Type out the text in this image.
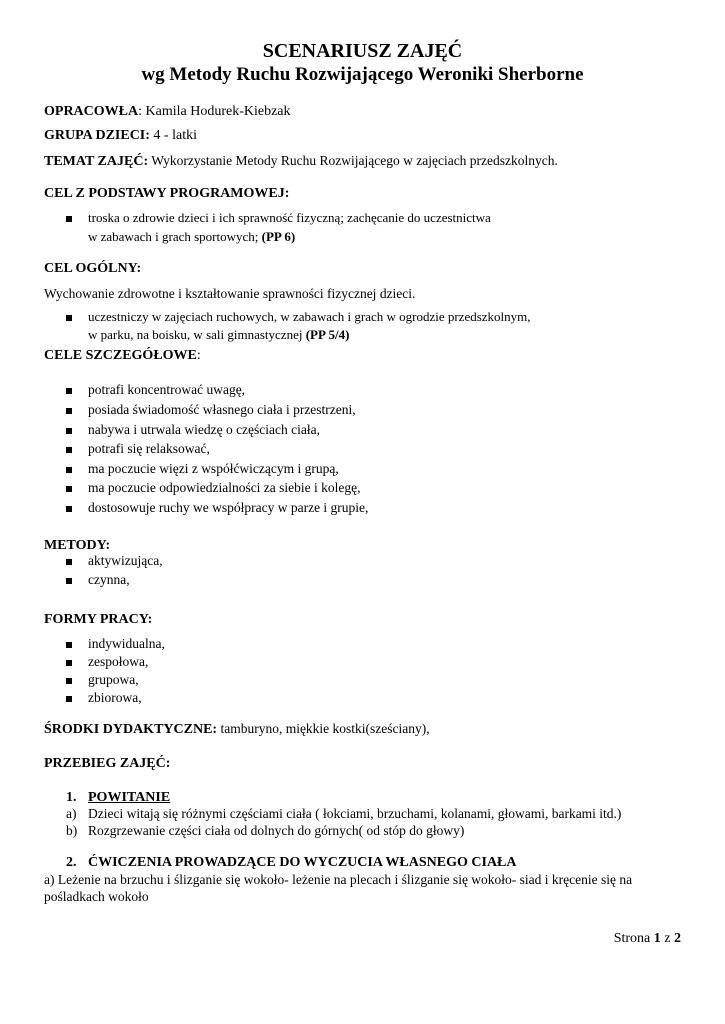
SCENARIUSZ ZAJĘĆ
wg Metody Ruchu Rozwijającego Weroniki Sherborne
OPRACOWŁA: Kamila Hodurek-Kiebzak
GRUPA DZIECI: 4 - latki
TEMAT ZAJĘĆ: Wykorzystanie Metody Ruchu Rozwijającego w zajęciach przedszkolnych.
CEL Z PODSTAWY PROGRAMOWEJ:
troska o zdrowie dzieci i ich sprawność fizyczną; zachęcanie do uczestnictwa
w zabawach i grach sportowych; (PP 6)
CEL OGÓLNY:
Wychowanie zdrowotne i kształtowanie sprawności fizycznej dzieci.
uczestniczy w zajęciach ruchowych, w zabawach i grach w ogrodzie przedszkolnym,
w parku, na boisku, w sali gimnastycznej (PP 5/4)
CELE SZCZEGÓŁOWE:
potrafi koncentrować uwagę,
posiada świadomość własnego ciała i przestrzeni,
nabywa i utrwala wiedzę o częściach ciała,
potrafi się relaksować,
ma poczucie więzi z współćwiczącym i grupą,
ma poczucie odpowiedzialności za siebie i kolegę,
dostosowuje ruchy we współpracy w parze i grupie,
METODY:
aktywizująca,
czynna,
FORMY PRACY:
indywidualna,
zespołowa,
grupowa,
zbiorowa,
ŚRODKI DYDAKTYCZNE: tamburyno, miękkie kostki(sześciany),
PRZEBIEG ZAJĘĆ:
1. POWITANIE
a) Dzieci witają się różnymi częściami ciała ( łokciami, brzuchami, kolanami, głowami, barkami itd.)
b) Rozgrzewanie części ciała od dolnych do górnych( od stóp do głowy)
2. ĆWICZENIA PROWADZĄCE DO WYCZUCIA WŁASNEGO CIAŁA
a) Leżenie na brzuchu i ślizganie się wokoło- leżenie na plecach i ślizganie się wokoło- siad i kręcenie się na
pośladkach wokoło
Strona 1 z 2
